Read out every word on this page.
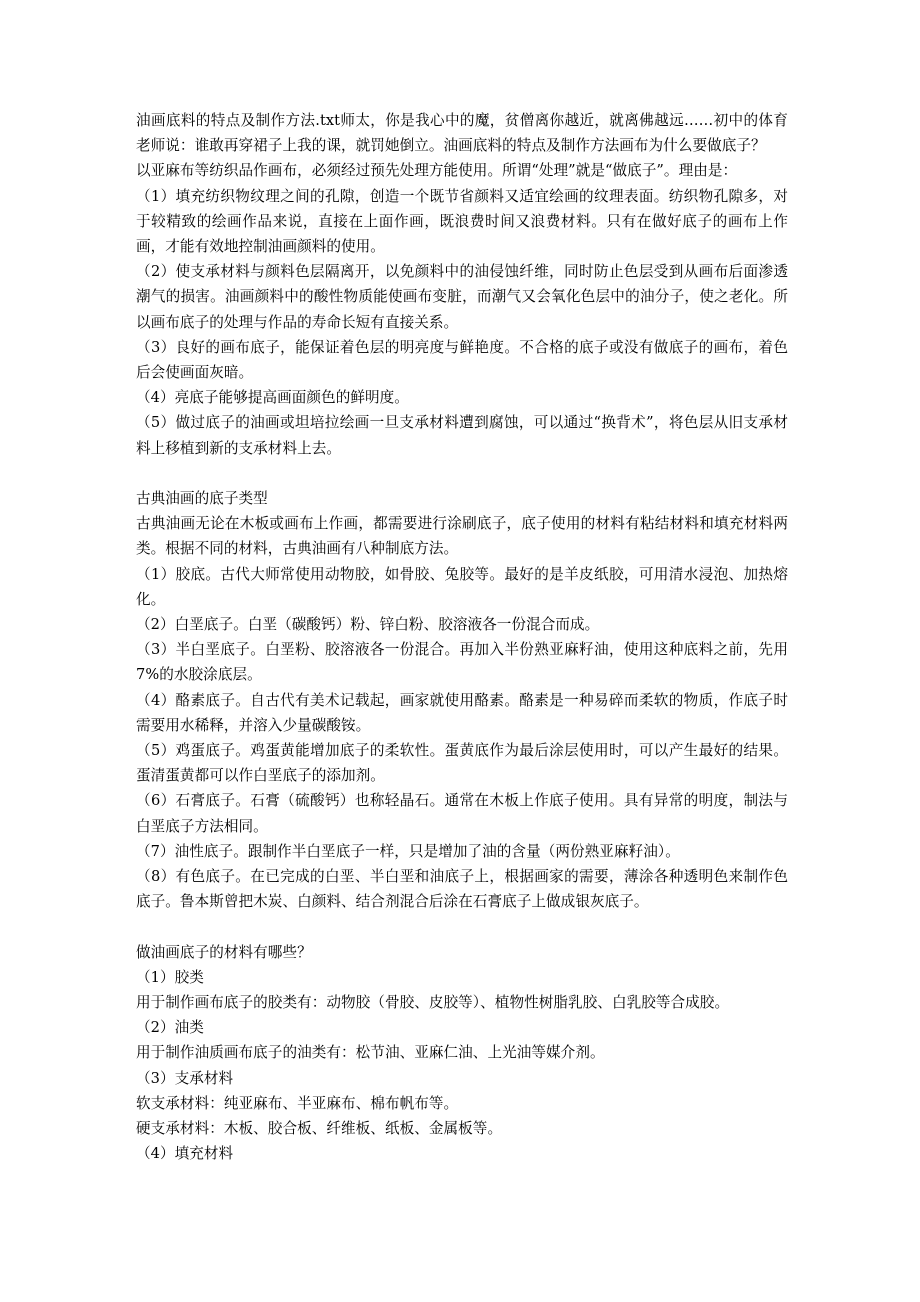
油画底料的特点及制作方法.txt师太，你是我心中的魔，贫僧离你越近，就离佛越远……初中的体育老师说：谁敢再穿裙子上我的课，就罚她倒立。油画底料的特点及制作方法画布为什么要做底子？

以亚麻布等纺织品作画布，必须经过预先处理方能使用。所谓“处理”就是“做底子”。理由是：

（1）填充纺织物纹理之间的孔隙，创造一个既节省颜料又适宜绘画的纹理表面。纺织物孔隙多，对于较精致的绘画作品来说，直接在上面作画，既浪费时间又浪费材料。只有在做好底子的画布上作画，才能有效地控制油画颜料的使用。

（2）使支承材料与颜料色层隔离开，以免颜料中的油侵蚀纤维，同时防止色层受到从画布后面渗透潮气的损害。油画颜料中的酸性物质能使画布变脏，而潮气又会氧化色层中的油分子，使之老化。所以画布底子的处理与作品的寿命长短有直接关系。

（3）良好的画布底子，能保证着色层的明亮度与鲜艳度。不合格的底子或没有做底子的画布，着色后会使画面灰暗。

（4）亮底子能够提高画面颜色的鲜明度。

（5）做过底子的油画或坦培拉绘画一旦支承材料遭到腐蚀，可以通过“换背术”，将色层从旧支承材料上移植到新的支承材料上去。

古典油画的底子类型

古典油画无论在木板或画布上作画，都需要进行涂刷底子，底子使用的材料有粘结材料和填充材料两类。根据不同的材料，古典油画有八种制底方法。

（1）胶底。古代大师常使用动物胶，如骨胶、兔胶等。最好的是羊皮纸胶，可用清水浸泡、加热熔化。

（2）白垩底子。白垩（碳酸钙）粉、锌白粉、胶溶液各一份混合而成。

（3）半白垩底子。白垩粉、胶溶液各一份混合。再加入半份熟亚麻籽油，使用这种底料之前，先用7%的水胶涂底层。

（4）酪素底子。自古代有美术记载起，画家就使用酪素。酪素是一种易碎而柔软的物质，作底子时需要用水稀释，并溶入少量碳酸铵。

（5）鸡蛋底子。鸡蛋黄能增加底子的柔软性。蛋黄底作为最后涂层使用时，可以产生最好的结果。蛋清蛋黄都可以作白垩底子的添加剂。

（6）石膏底子。石膏（硫酸钙）也称轻晶石。通常在木板上作底子使用。具有异常的明度，制法与白垩底子方法相同。

（7）油性底子。跟制作半白垩底子一样，只是增加了油的含量（两份熟亚麻籽油）。

（8）有色底子。在已完成的白垩、半白垩和油底子上，根据画家的需要，薄涂各种透明色来制作色底子。鲁本斯曾把木炭、白颜料、结合剂混合后涂在石膏底子上做成银灰底子。

做油画底子的材料有哪些？

（1）胶类

用于制作画布底子的胶类有：动物胶（骨胶、皮胶等）、植物性树脂乳胶、白乳胶等合成胶。

（2）油类

用于制作油质画布底子的油类有：松节油、亚麻仁油、上光油等媒介剂。

（3）支承材料

软支承材料：纯亚麻布、半亚麻布、棉布帆布等。

硬支承材料：木板、胶合板、纤维板、纸板、金属板等。

（4）填充材料
